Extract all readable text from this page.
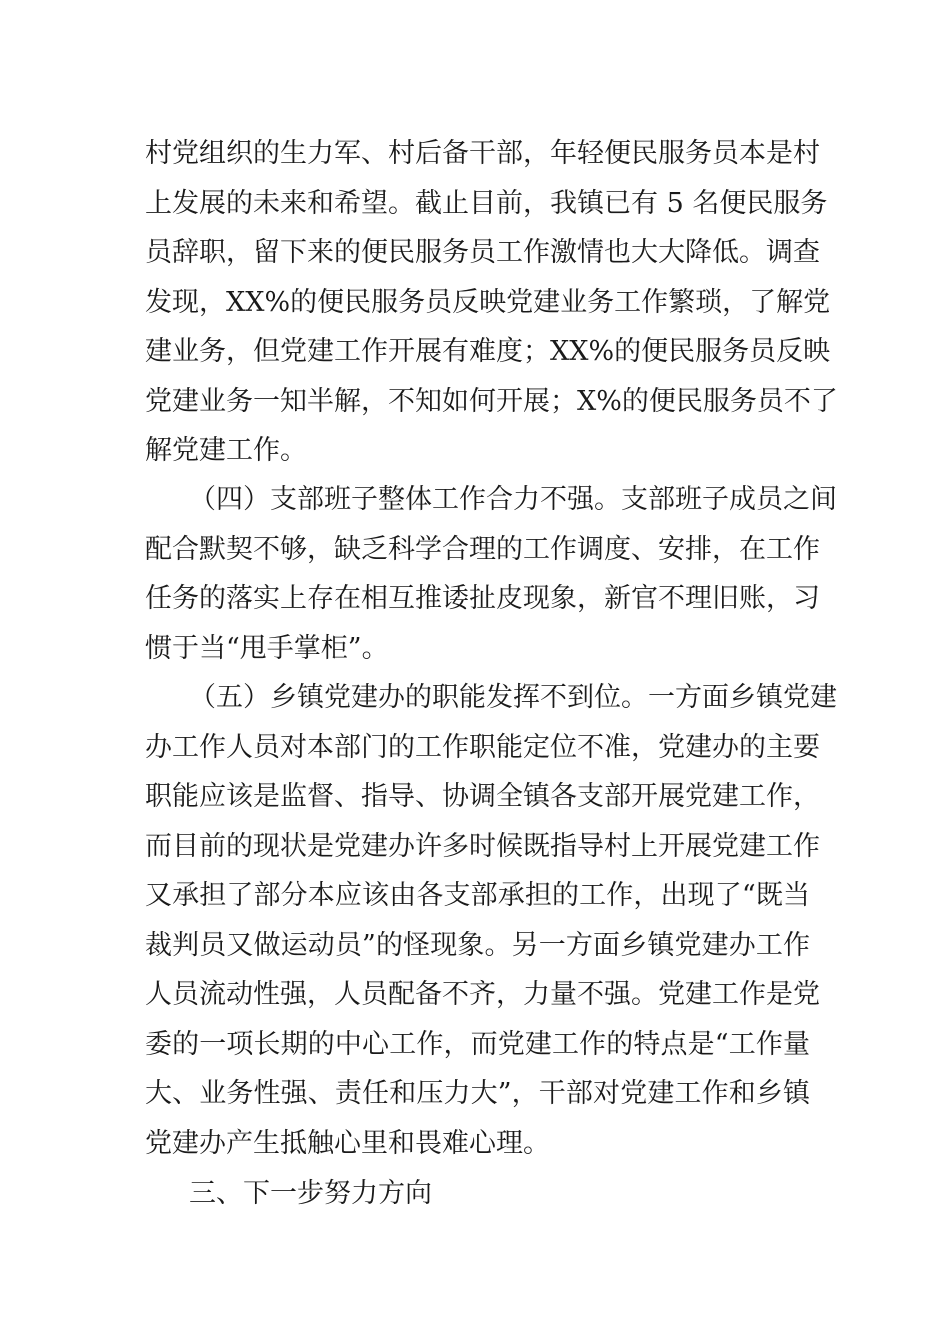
村党组织的生力军、村后备干部，年轻便民服务员本是村
上发展的未来和希望。截止目前，我镇已有 5 名便民服务
员辞职，留下来的便民服务员工作激情也大大降低。调查
发现，XX%的便民服务员反映党建业务工作繁琐，了解党
建业务，但党建工作开展有难度；XX%的便民服务员反映
党建业务一知半解，不知如何开展；X%的便民服务员不了
解党建工作。
（四）支部班子整体工作合力不强。支部班子成员之间
配合默契不够，缺乏科学合理的工作调度、安排，在工作
任务的落实上存在相互推诿扯皮现象，新官不理旧账，习
惯于当“甩手掌柜”。
（五）乡镇党建办的职能发挥不到位。一方面乡镇党建
办工作人员对本部门的工作职能定位不准，党建办的主要
职能应该是监督、指导、协调全镇各支部开展党建工作，
而目前的现状是党建办许多时候既指导村上开展党建工作
又承担了部分本应该由各支部承担的工作，出现了“既当
裁判员又做运动员”的怪现象。另一方面乡镇党建办工作
人员流动性强，人员配备不齐，力量不强。党建工作是党
委的一项长期的中心工作，而党建工作的特点是“工作量
大、业务性强、责任和压力大”，干部对党建工作和乡镇
党建办产生抵触心里和畏难心理。
三、下一步努力方向
